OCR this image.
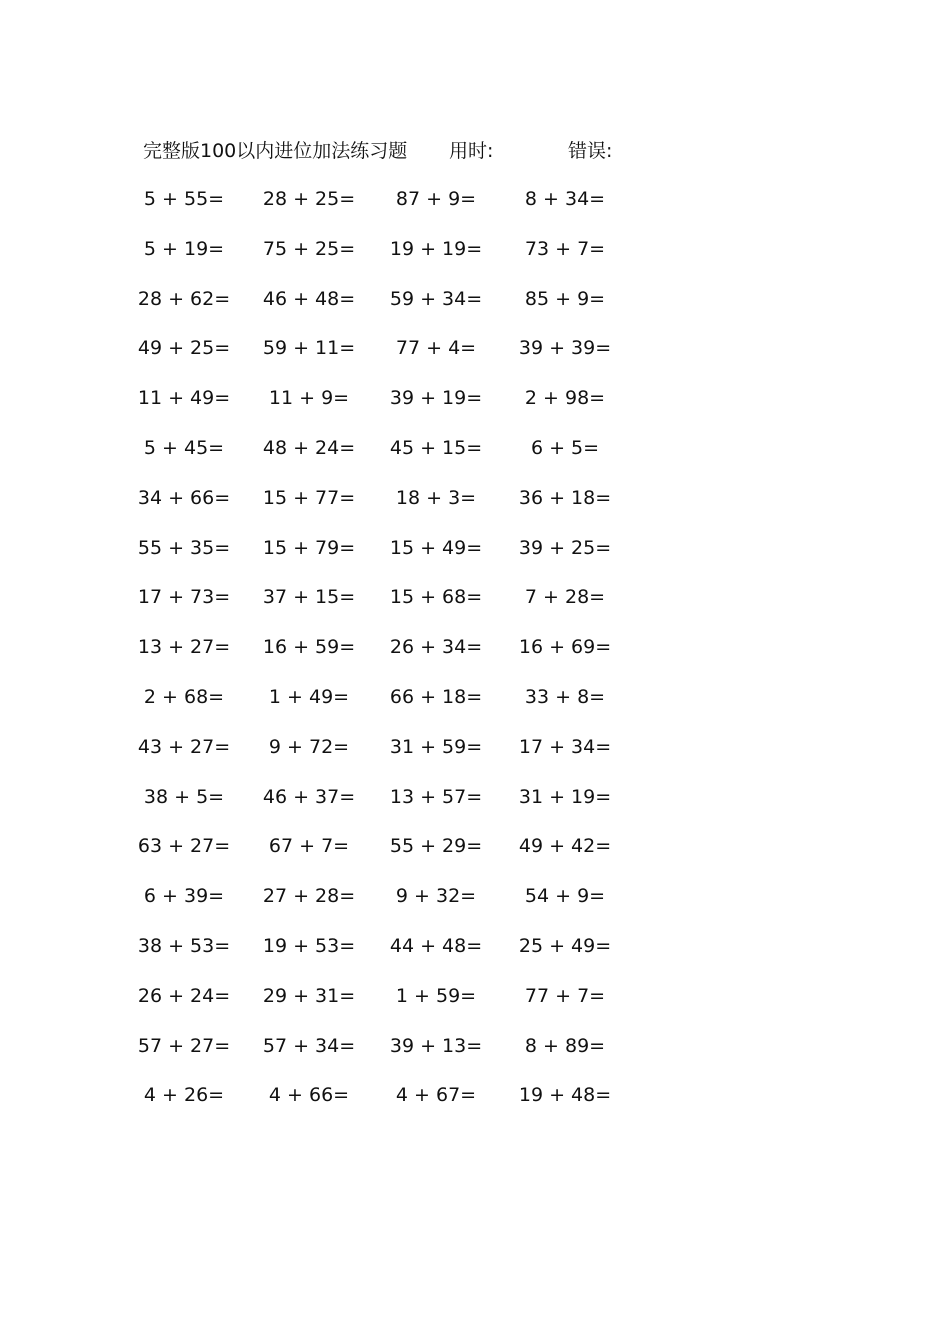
完整版100以内进位加法练习题 用时:	错误:
5 + 55=	28 + 25=	87 + 9=	8 + 34=
5 + 19=	75 + 25=	19 + 19=	73 + 7=
28 + 62=	46 + 48=	59 + 34=	85 + 9=
49 + 25=	59 + 11=	77 + 4=	39 + 39=
11 + 49=	11 + 9=	39 + 19=	2 + 98=
5 + 45=	48 + 24=	45 + 15=	6 + 5=
34 + 66=	15 + 77=	18 + 3=	36 + 18=
55 + 35=	15 + 79=	15 + 49=	39 + 25=
17 + 73=	37 + 15=	15 + 68=	7 + 28=
13 + 27=	16 + 59=	26 + 34=	16 + 69=
2 + 68=	1 + 49=	66 + 18=	33 + 8=
43 + 27=	9 + 72=	31 + 59=	17 + 34=
38 + 5=	46 + 37=	13 + 57=	31 + 19=
63 + 27=	67 + 7=	55 + 29=	49 + 42=
6 + 39=	27 + 28=	9 + 32=	54 + 9=
38 + 53=	19 + 53=	44 + 48=	25 + 49=
26 + 24=	29 + 31=	1 + 59=	77 + 7=
57 + 27=	57 + 34=	39 + 13=	8 + 89=
4 + 26=	4 + 66=	4 + 67=	19 + 48=
